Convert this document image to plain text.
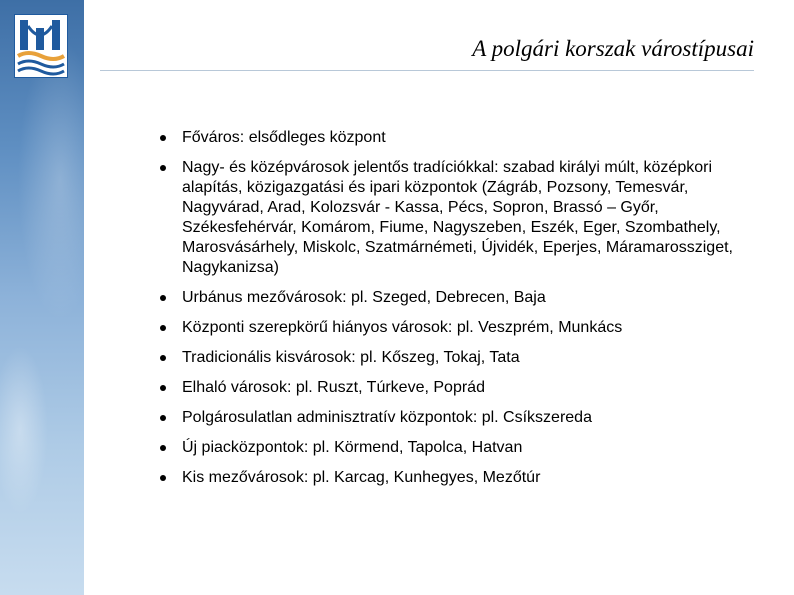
A polgári korszak várostípusai
Főváros: elsődleges központ
Nagy- és középvárosok jelentős tradíciókkal: szabad királyi múlt, középkori alapítás, közigazgatási és ipari központok (Zágráb, Pozsony, Temesvár, Nagyvárad, Arad, Kolozsvár - Kassa, Pécs, Sopron, Brassó – Győr, Székesfehérvár, Komárom, Fiume, Nagyszeben, Eszék, Eger, Szombathely, Marosvásárhely, Miskolc, Szatmárnémeti, Újvidék, Eperjes, Máramarossziget, Nagykanizsa)
Urbánus mezővárosok: pl. Szeged, Debrecen, Baja
Központi szerepkörű hiányos városok: pl. Veszprém, Munkács
Tradicionális kisvárosok: pl. Kőszeg, Tokaj, Tata
Elhaló városok: pl. Ruszt, Túrkeve, Poprád
Polgárosulatlan adminisztratív központok: pl. Csíkszereda
Új piacközpontok: pl. Körmend, Tapolca, Hatvan
Kis mezővárosok: pl. Karcag, Kunhegyes, Mezőtúr
